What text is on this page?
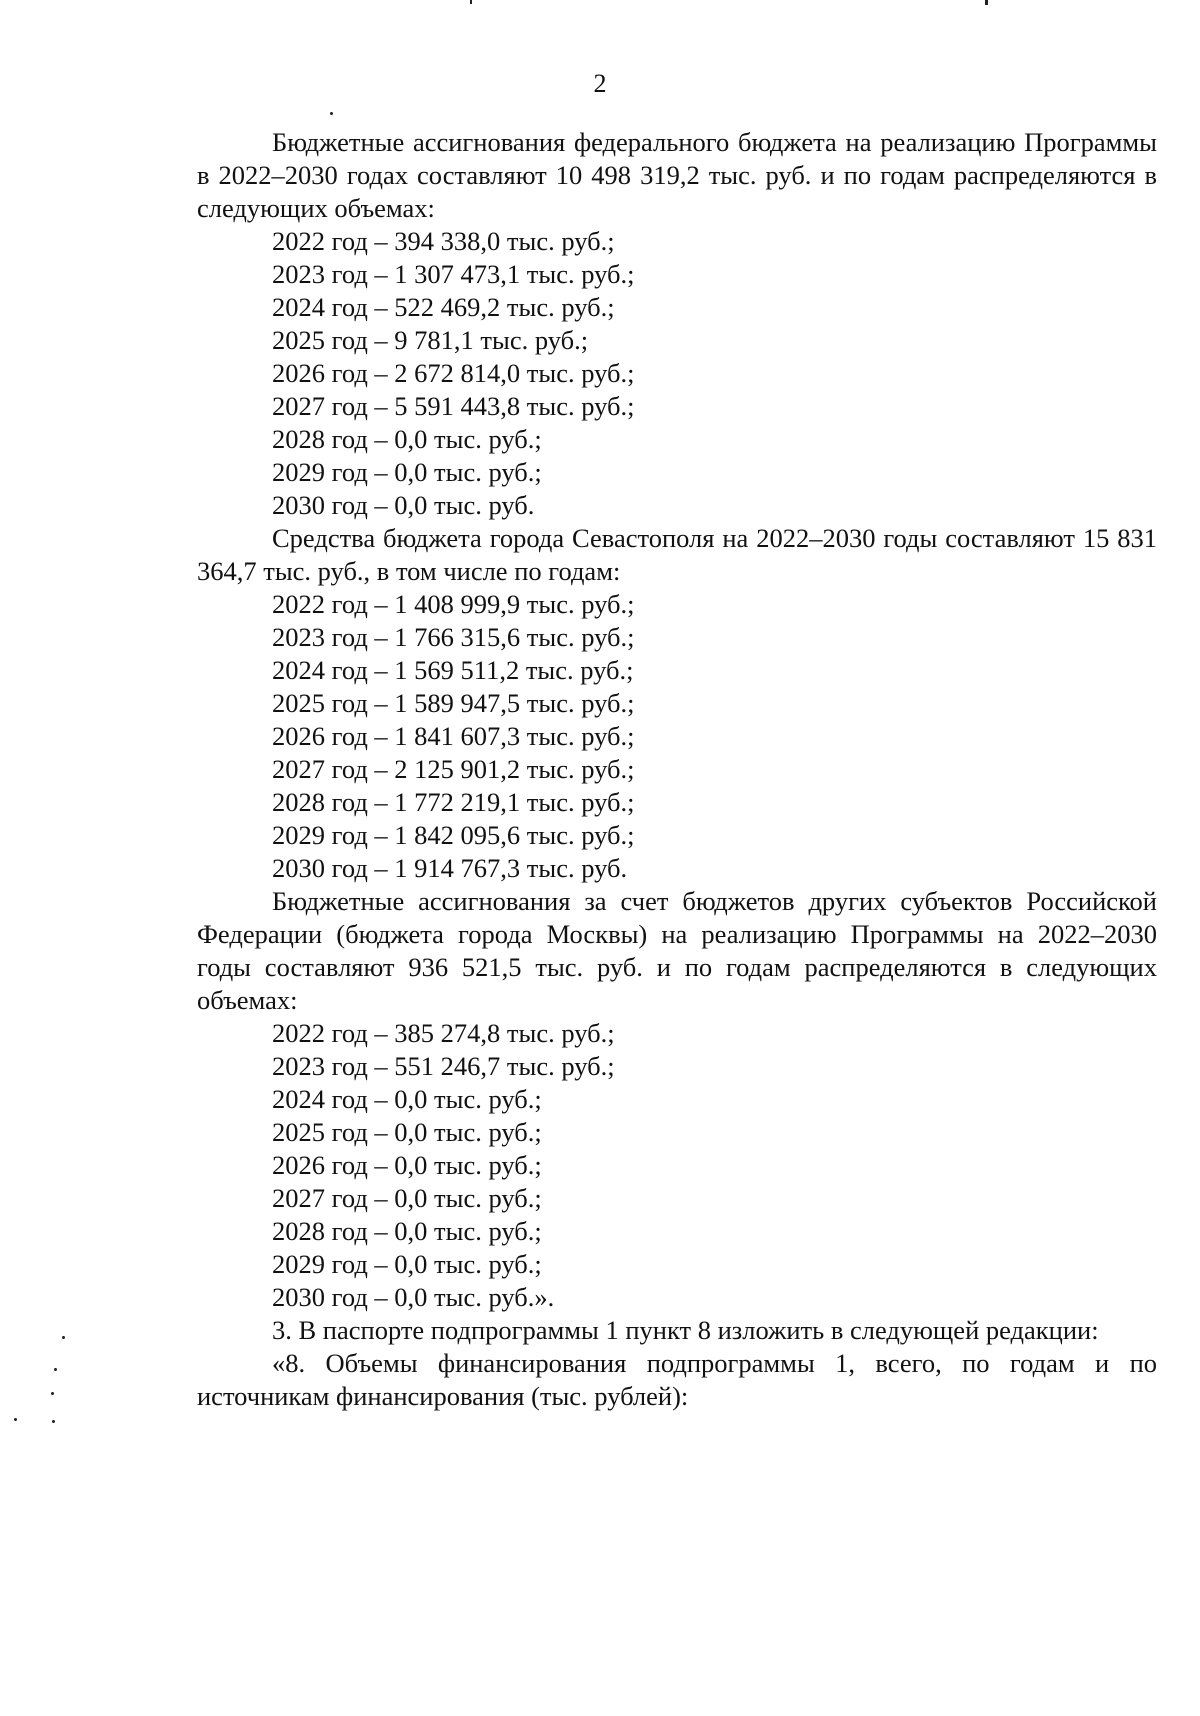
2

Бюджетные ассигнования федерального бюджета на реализацию Программы в 2022–2030 годах составляют 10 498 319,2 тыс. руб. и по годам распределяются в следующих объемах:

2022 год – 394 338,0 тыс. руб.;
2023 год – 1 307 473,1 тыс. руб.;
2024 год – 522 469,2 тыс. руб.;
2025 год – 9 781,1 тыс. руб.;
2026 год – 2 672 814,0 тыс. руб.;
2027 год – 5 591 443,8 тыс. руб.;
2028 год – 0,0 тыс. руб.;
2029 год – 0,0 тыс. руб.;
2030 год – 0,0 тыс. руб.

Средства бюджета города Севастополя на 2022–2030 годы составляют 15 831 364,7 тыс. руб., в том числе по годам:

2022 год – 1 408 999,9 тыс. руб.;
2023 год – 1 766 315,6 тыс. руб.;
2024 год – 1 569 511,2 тыс. руб.;
2025 год – 1 589 947,5 тыс. руб.;
2026 год – 1 841 607,3 тыс. руб.;
2027 год – 2 125 901,2 тыс. руб.;
2028 год – 1 772 219,1 тыс. руб.;
2029 год – 1 842 095,6 тыс. руб.;
2030 год – 1 914 767,3 тыс. руб.

Бюджетные ассигнования за счет бюджетов других субъектов Российской Федерации (бюджета города Москвы) на реализацию Программы на 2022–2030 годы составляют 936 521,5 тыс. руб. и по годам распределяются в следующих объемах:

2022 год – 385 274,8 тыс. руб.;
2023 год – 551 246,7 тыс. руб.;
2024 год – 0,0 тыс. руб.;
2025 год – 0,0 тыс. руб.;
2026 год – 0,0 тыс. руб.;
2027 год – 0,0 тыс. руб.;
2028 год – 0,0 тыс. руб.;
2029 год – 0,0 тыс. руб.;
2030 год – 0,0 тыс. руб.».

3. В паспорте подпрограммы 1 пункт 8 изложить в следующей редакции:

«8. Объемы финансирования подпрограммы 1, всего, по годам и по источникам финансирования (тыс. рублей):
